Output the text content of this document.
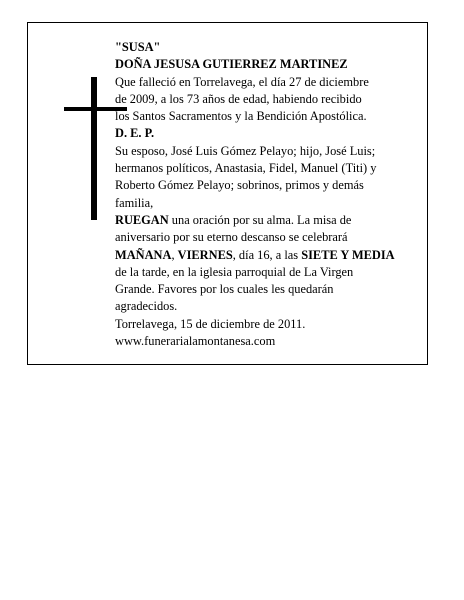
"SUSA"

DOÑA JESUSA GUTIERREZ MARTINEZ

Que falleció en Torrelavega, el día 27 de diciembre

de 2009, a los 73 años de edad, habiendo recibido

los Santos Sacramentos y la Bendición Apostólica.

D. E. P.

Su esposo, José Luis Gómez Pelayo; hijo, José Luis;

hermanos políticos, Anastasia, Fidel, Manuel (Titi) y

Roberto Gómez Pelayo; sobrinos, primos y demás

familia,

RUEGAN una oración por su alma. La misa de

aniversario por su eterno descanso se celebrará

MAÑANA, VIERNES, día 16, a las SIETE Y MEDIA

de la tarde, en la iglesia parroquial de La Virgen

Grande. Favores por los cuales les quedarán

agradecidos.

Torrelavega, 15 de diciembre de 2011.

www.funerarialamontanesa.com
